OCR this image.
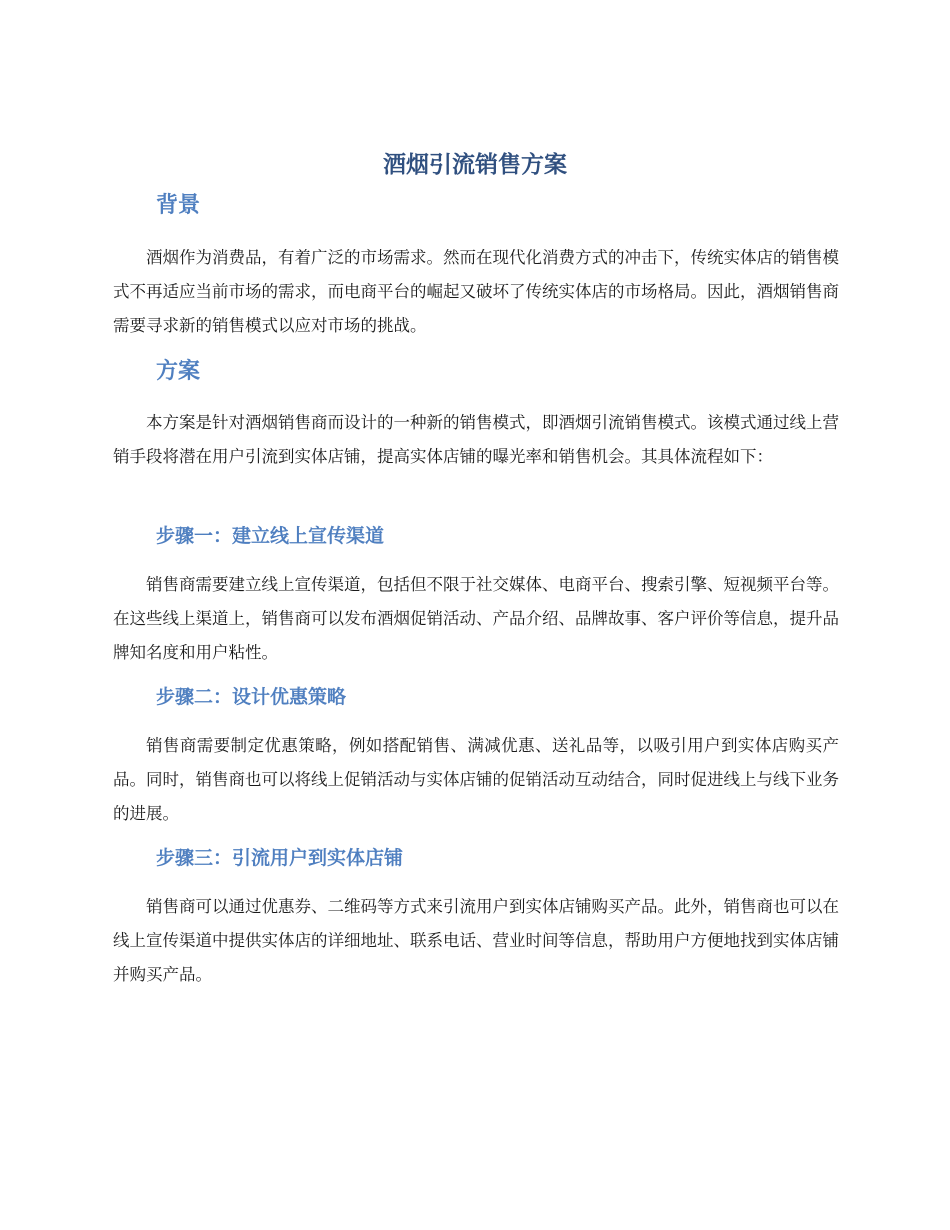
酒烟引流销售方案
背景

酒烟作为消费品，有着广泛的市场需求。然而在现代化消费方式的冲击下，传统实体店的销售模式不再适应当前市场的需求，而电商平台的崛起又破坏了传统实体店的市场格局。因此，酒烟销售商需要寻求新的销售模式以应对市场的挑战。

方案

本方案是针对酒烟销售商而设计的一种新的销售模式，即酒烟引流销售模式。该模式通过线上营销手段将潜在用户引流到实体店铺，提高实体店铺的曝光率和销售机会。其具体流程如下：

步骤一：建立线上宣传渠道

销售商需要建立线上宣传渠道，包括但不限于社交媒体、电商平台、搜索引擎、短视频平台等。在这些线上渠道上，销售商可以发布酒烟促销活动、产品介绍、品牌故事、客户评价等信息，提升品牌知名度和用户粘性。

步骤二：设计优惠策略

销售商需要制定优惠策略，例如搭配销售、满减优惠、送礼品等，以吸引用户到实体店购买产品。同时，销售商也可以将线上促销活动与实体店铺的促销活动互动结合，同时促进线上与线下业务的进展。

步骤三：引流用户到实体店铺

销售商可以通过优惠券、二维码等方式来引流用户到实体店铺购买产品。此外，销售商也可以在线上宣传渠道中提供实体店的详细地址、联系电话、营业时间等信息，帮助用户方便地找到实体店铺并购买产品。
